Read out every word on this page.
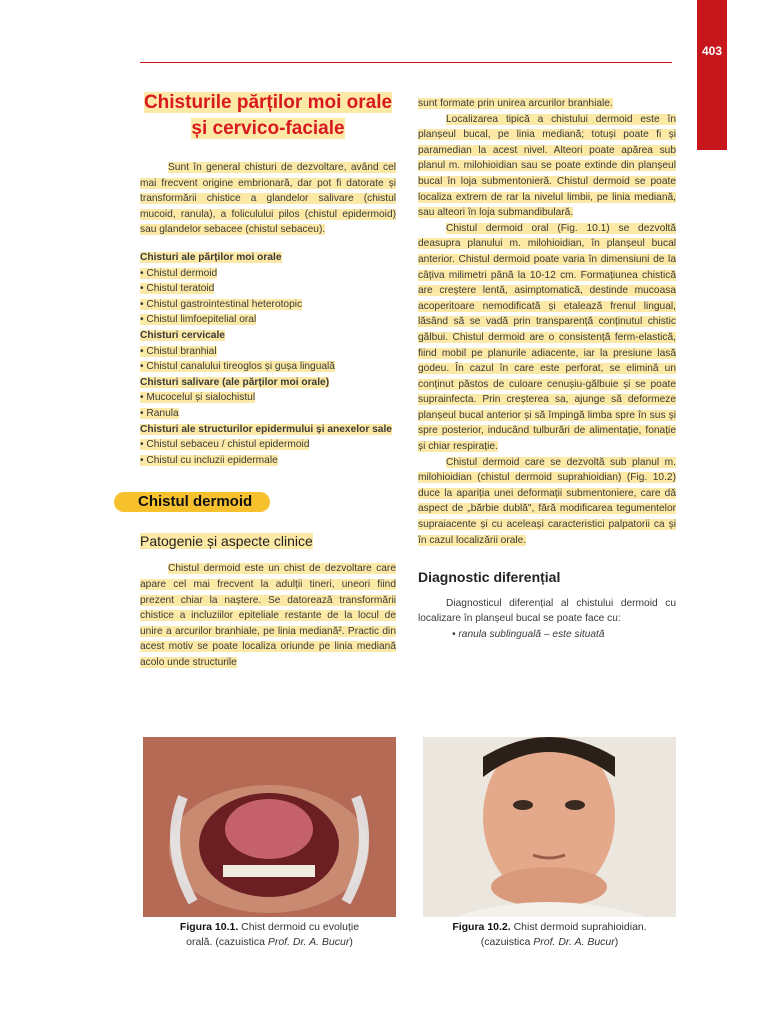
403
Chisturile părților moi orale
și cervico-faciale

Sunt în general chisturi de dezvoltare, având cel mai frecvent origine embrionară, dar pot fi datorate și transformării chistice a glandelor salivare (chistul mucoid, ranula), a foliculului pilos (chistul epidermoid) sau glandelor sebacee (chistul sebaceu).

Chisturi ale părților moi orale
• Chistul dermoid
• Chistul teratoid
• Chistul gastrointestinal heterotopic
• Chistul limfoepitelial oral
Chisturi cervicale
• Chistul branhial
• Chistul canalului tireoglos și gușa linguală
Chisturi salivare (ale părților moi orale)
• Mucocelul și sialochistul
• Ranula
Chisturi ale structurilor epidermului și anexelor sale
• Chistul sebaceu / chistul epidermoid
• Chistul cu incluzii epidermale
Chistul dermoid
Patogenie și aspecte clinice

Chistul dermoid este un chist de dezvoltare care apare cel mai frecvent la adulții tineri, uneori fiind prezent chiar la naștere. Se datorează transformării chistice a incluziilor epiteliale restante de la locul de unire a arcurilor branhiale, pe linia mediană². Practic din acest motiv se poate localiza oriunde pe linia mediană acolo unde structurile

sunt formate prin unirea arcurilor branhiale.

Localizarea tipică a chistului dermoid este în planșeul bucal, pe linia mediană; totuși poate fi și paramedian la acest nivel. Alteori poate apărea sub planul m. milohioidian sau se poate extinde din planșeul bucal în loja submentonieră. Chistul dermoid se poate localiza extrem de rar la nivelul limbii, pe linia mediană, sau alteori în loja submandibulară.

Chistul dermoid oral (Fig. 10.1) se dezvoltă deasupra planului m. milohioidian, în planșeul bucal anterior. Chistul dermoid poate varia în dimensiuni de la câțiva milimetri până la 10-12 cm. Formațiunea chistică are creștere lentă, asimptomatică, destinde mucoasa acoperitoare nemodificată și etalează frenul lingual, lăsând să se vadă prin transparență conținutul chistic gălbui. Chistul dermoid are o consistență ferm-elastică, fiind mobil pe planurile adiacente, iar la presiune lasă godeu. În cazul în care este perforat, se elimină un conținut păstos de culoare cenușiu-gălbuie și se poate suprainfecta. Prin creșterea sa, ajunge să deformeze planșeul bucal anterior și să împingă limba spre în sus și spre posterior, inducând tulburări de alimentație, fonație și chiar respirație.

Chistul dermoid care se dezvoltă sub planul m. milohioidian (chistul dermoid suprahioidian) (Fig. 10.2) duce la apariția unei deformații submentoniere, care dă aspect de „bărbie dublă", fără modificarea tegumentelor supraiacente și cu aceleași caracteristici palpatorii ca și în cazul localizării orale.

Diagnostic diferențial

Diagnosticul diferențial al chistului dermoid cu localizare în planșeul bucal se poate face cu:

• ranula sublinguală – este situată

Figura 10.1. Chist dermoid cu evoluție
orală. (cazuistica Prof. Dr. A. Bucur)
Figura 10.2. Chist dermoid suprahioidian.
(cazuistica Prof. Dr. A. Bucur)
